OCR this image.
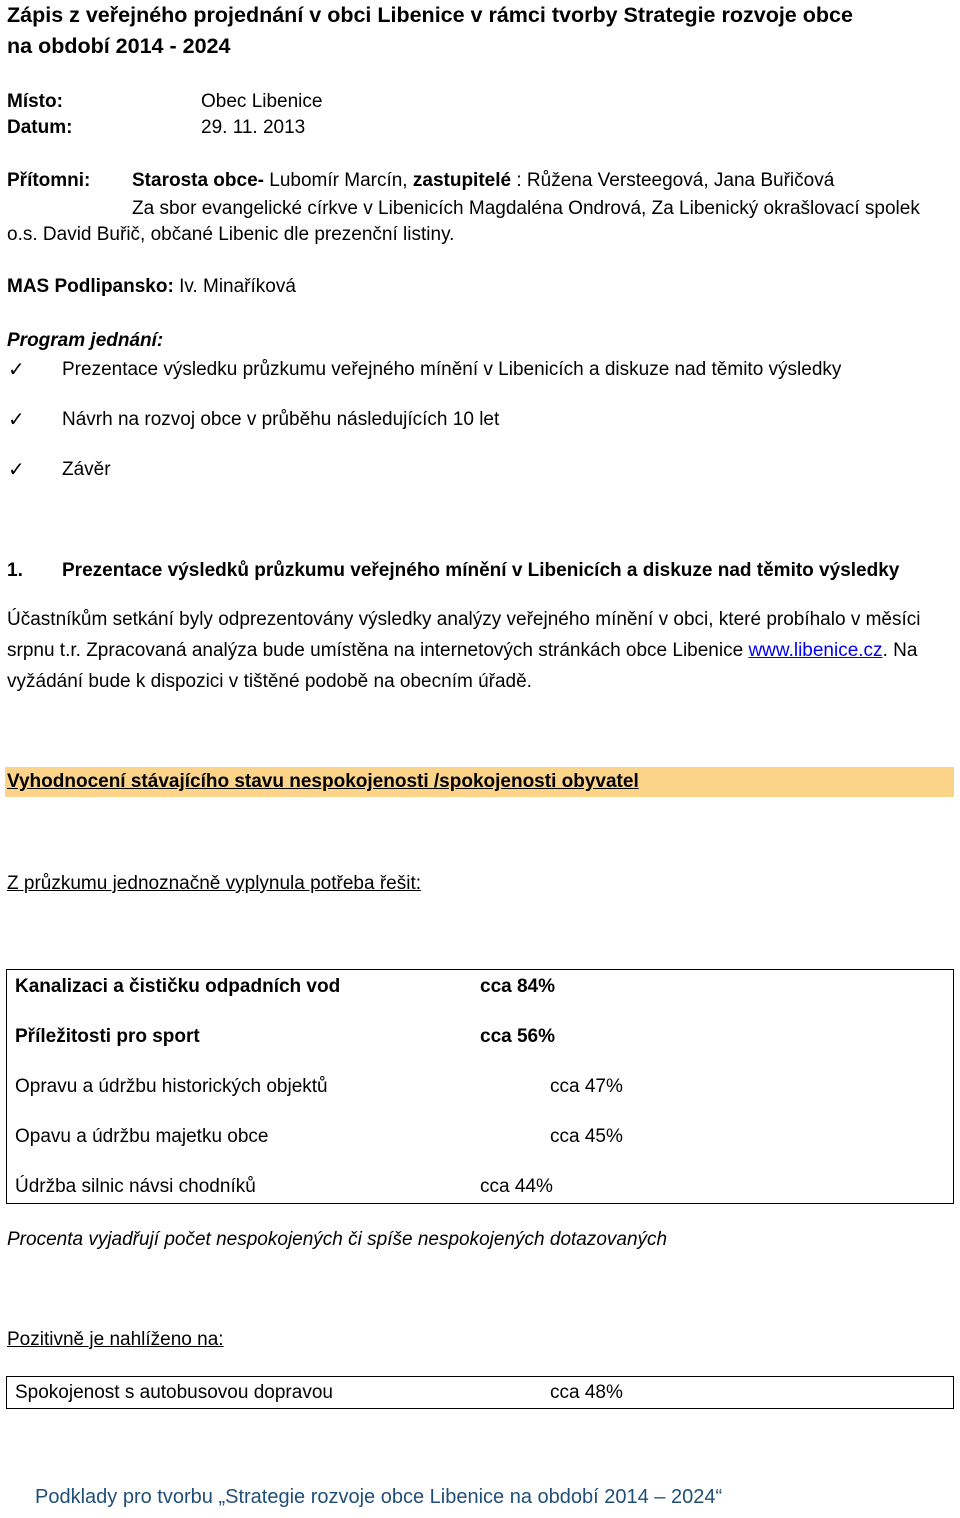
Zápis z veřejného projednání v obci Libenice v rámci tvorby Strategie rozvoje obce
na období 2014 - 2024
Místo:	Obec Libenice
Datum:	29. 11. 2013
Přítomni: Starosta obce- Lubomír Marcín, zastupitelé : Růžena Versteegová, Jana Buřičová
Za sbor evangelické církve v Libenicích Magdaléna Ondrová, Za Libenický okrašlovací spolek
o.s. David Buřič, občané Libenic dle prezenční listiny.
MAS Podlipansko: Iv. Minaříková
Program jednání:
✓ Prezentace výsledku průzkumu veřejného mínění v Libenicích a diskuze nad těmito výsledky
✓ Návrh na rozvoj obce v průběhu následujících 10 let
✓ Závěr
1. Prezentace výsledků průzkumu veřejného mínění v Libenicích a diskuze nad těmito výsledky
Účastníkům setkání byly odprezentovány výsledky analýzy veřejného mínění v obci, které probíhalo v měsíci srpnu t.r. Zpracovaná analýza bude umístěna na internetových stránkách obce Libenice www.libenice.cz. Na vyžádání bude k dispozici v tištěné podobě na obecním úřadě.
Vyhodnocení stávajícího stavu nespokojenosti /spokojenosti obyvatel
Z průzkumu jednoznačně vyplynula potřeba řešit:
Kanalizaci a čističku odpadních vod	cca 84%
Příležitosti pro sport	cca 56%
Opravu a údržbu historických objektů	cca 47%
Opavu a údržbu majetku obce	cca 45%
Údržba silnic návsi chodníků	cca 44%
Procenta vyjadřují počet nespokojených či spíše nespokojených dotazovaných
Pozitivně je nahlíženo na:
Spokojenost s autobusovou dopravou	cca 48%
Podklady pro tvorbu „Strategie rozvoje obce Libenice na období 2014 – 2024“
